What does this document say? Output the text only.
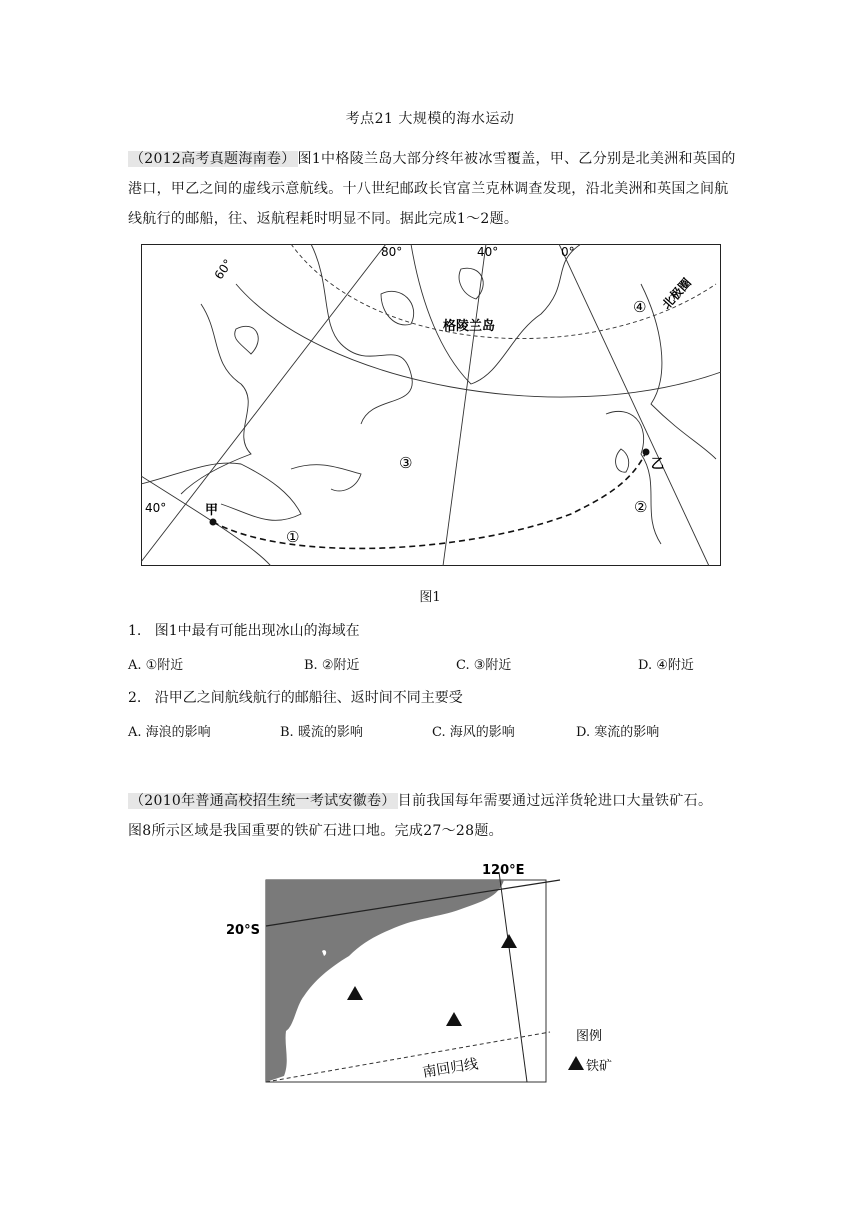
考点21 大规模的海水运动
（2012高考真题海南卷） 图1中格陵兰岛大部分终年被冰雪覆盖，甲、乙分别是北美洲和英国的港口，甲乙之间的虚线示意航线。十八世纪邮政长官富兰克林调查发现，沿北美洲和英国之间航线航行的邮船，往、返航程耗时明显不同。据此完成1～2题。
60°
80°	40°	0°
40°
格陵兰岛
北极圈
甲
乙
①
②
③
④
图1
1. 图1中最有可能出现冰山的海域在
A. ①附近	B. ②附近	C. ③附近	D. ④附近
2. 沿甲乙之间航线航行的邮船往、返时间不同主要受
A. 海浪的影响	B. 暖流的影响	C. 海风的影响	D. 寒流的影响
（2010年普通高校招生统一考试安徽卷） 目前我国每年需要通过远洋货轮进口大量铁矿石。
图8所示区域是我国重要的铁矿石进口地。完成27～28题。
120°E
20°S
南回归线
图例
铁矿
